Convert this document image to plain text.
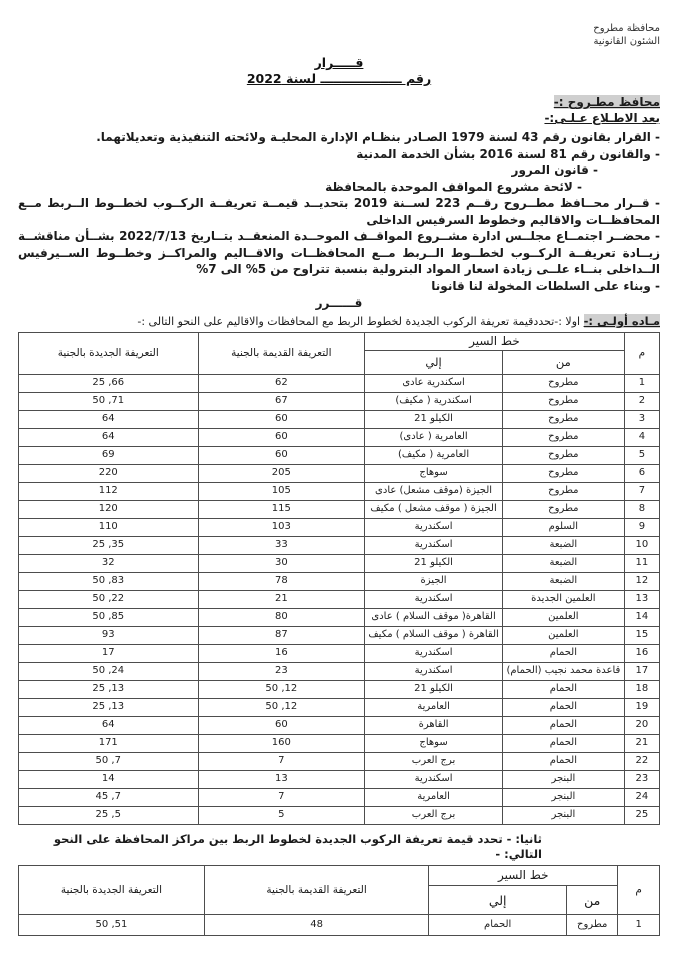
محافظة مطروح
الشئون القانونية
قـــــرار
رقم ـــــــــــــــــــ لسنة 2022
محافظ مطـروح :-
بعد الاطـلاع عـلـى:-
- القرار بقانون رقم 43 لسنة 1979 الصـادر بنظـام الإدارة المحليـة ولائحته التنفيذية وتعديلاتهما.
- والقانون رقم 81 لسنة 2016 بشأن الخدمة المدنية
- قانون المرور
- لائحة مشروع المواقف الموحدة بالمحافظة
- قــرار محــافظ مطــروح رقــم 223 لســنة 2019 بتحديــد قيمــة تعريفــة الركــوب لخطــوط الــربط مــع المحافظــات والاقاليم وخطوط السرفيس الداخلى
- محضــر اجتمــاع مجلــس ادارة مشــروع المواقــف الموحــدة المنعقــد بتــاريخ 2022/7/13 بشــأن مناقشــة زيــادة تعريفــة الركــوب لخطــوط الــربط مــع المحافظــات والاقــاليم والمراكــز وخطــوط الســيرفيس الــداخلى بنــاء علــى زيادة اسعار المواد البترولية بنسبة تتراوح من 5% الى 7%
- وبناء على السلطات المخولة لنا قانونا
قــــــرر
مـاده أولـى :- اولا :-تحددقيمة تعريفة الركوب الجديدة لخطوط الربط مع المحافظات والاقاليم على النحو التالى :-
م	خط السير		التعريفة القديمة بالجنية	التعريفة الجديدة بالجنية
	من	إلي		
1	مطروح	اسكندرية عادى	62	66, 25
2	مطروح	اسكندرية ( مكيف)	67	71, 50
3	مطروح	الكيلو 21	60	64
4	مطروح	العامرية ( عادى)	60	64
5	مطروح	العامرية ( مكيف)	60	69
6	مطروح	سوهاج	205	220
7	مطروح	الجيزة (موقف مشعل) عادى	105	112
8	مطروح	الجيزة ( موقف مشعل ) مكيف	115	120
9	السلوم	اسكندرية	103	110
10	الضبعة	اسكندرية	33	35, 25
11	الضبعة	الكيلو 21	30	32
12	الضبعة	الجيزة	78	83, 50
13	العلمين الجديدة	اسكندرية	21	22, 50
14	العلمين	القاهرة( موقف السلام ) عادى	80	85, 50
15	العلمين	القاهرة ( موقف السلام ) مكيف	87	93
16	الحمام	اسكندرية	16	17
17	قاعدة محمد نجيب (الحمام)	اسكندرية	23	24, 50
18	الحمام	الكيلو 21	12, 50	13, 25
19	الحمام	العامرية	12, 50	13, 25
20	الحمام	القاهرة	60	64
21	الحمام	سوهاج	160	171
22	الحمام	برج العرب	7	7, 50
23	البنجر	اسكندرية	13	14
24	البنجر	العامرية	7	7, 45
25	البنجر	برج العرب	5	5, 25
ثانيا: - تحدد قيمة تعريفة الركوب الجديدة لخطوط الربط بين مراكز المحافظة على النحو التالي: -
م	خط السير		التعريفة القديمة بالجنية	التعريفة الجديدة بالجنية
	من	إلي		
1	مطروح	الحمام	48	51, 50
